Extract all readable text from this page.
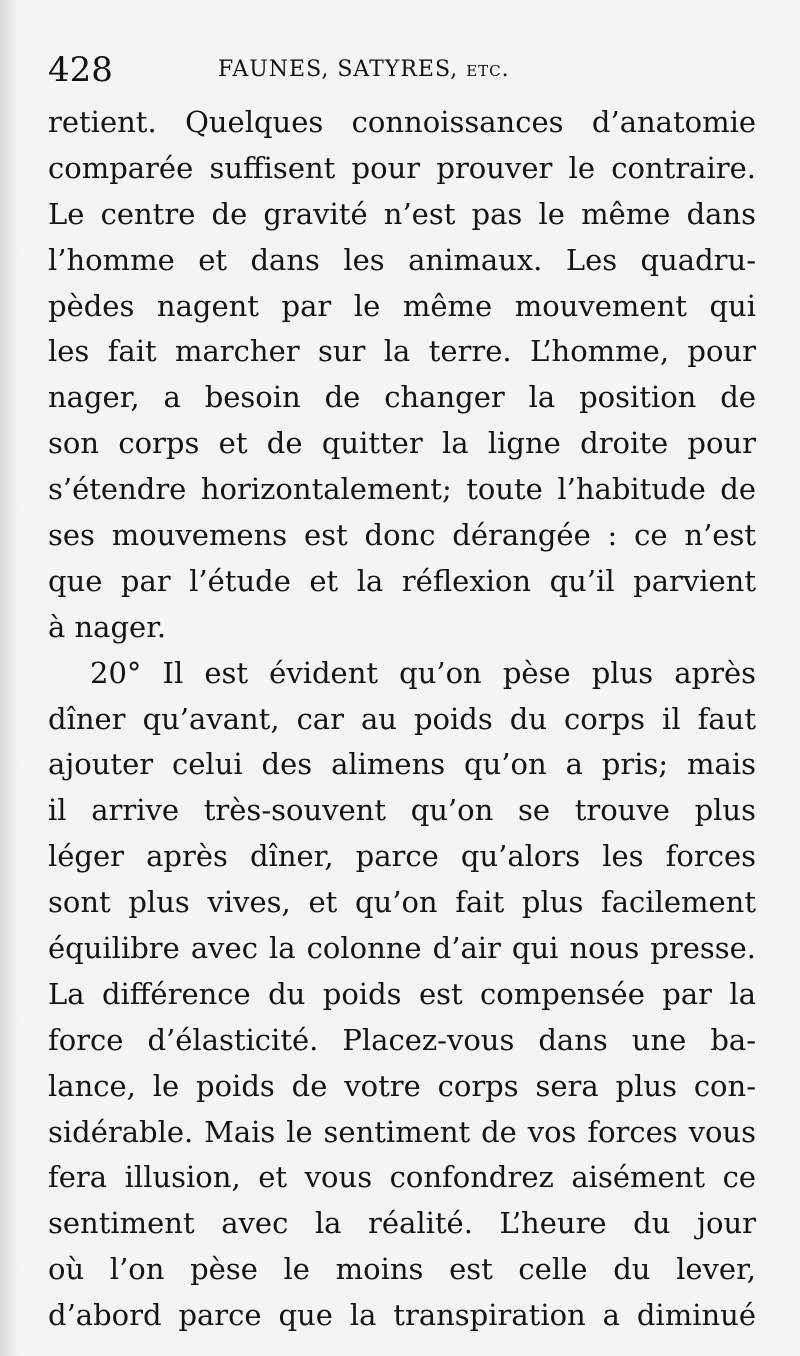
428	FAUNES, SATYRES, etc.
retient. Quelques connoissances d’anatomie
comparée suffisent pour prouver le contraire.
Le centre de gravité n’est pas le même dans
l’homme et dans les animaux. Les quadru-
pèdes nagent par le même mouvement qui
les fait marcher sur la terre. L’homme, pour
nager, a besoin de changer la position de
son corps et de quitter la ligne droite pour
s’étendre horizontalement; toute l’habitude de
ses mouvemens est donc dérangée : ce n’est
que par l’étude et la réflexion qu’il parvient
à nager.
20° Il est évident qu’on pèse plus après
dîner qu’avant, car au poids du corps il faut
ajouter celui des alimens qu’on a pris; mais
il arrive très-souvent qu’on se trouve plus
léger après dîner, parce qu’alors les forces
sont plus vives, et qu’on fait plus facilement
équilibre avec la colonne d’air qui nous presse.
La différence du poids est compensée par la
force d’élasticité. Placez-vous dans une ba-
lance, le poids de votre corps sera plus con-
sidérable. Mais le sentiment de vos forces vous
fera illusion, et vous confondrez aisément ce
sentiment avec la réalité. L’heure du jour
où l’on pèse le moins est celle du lever,
d’abord parce que la transpiration a diminué
